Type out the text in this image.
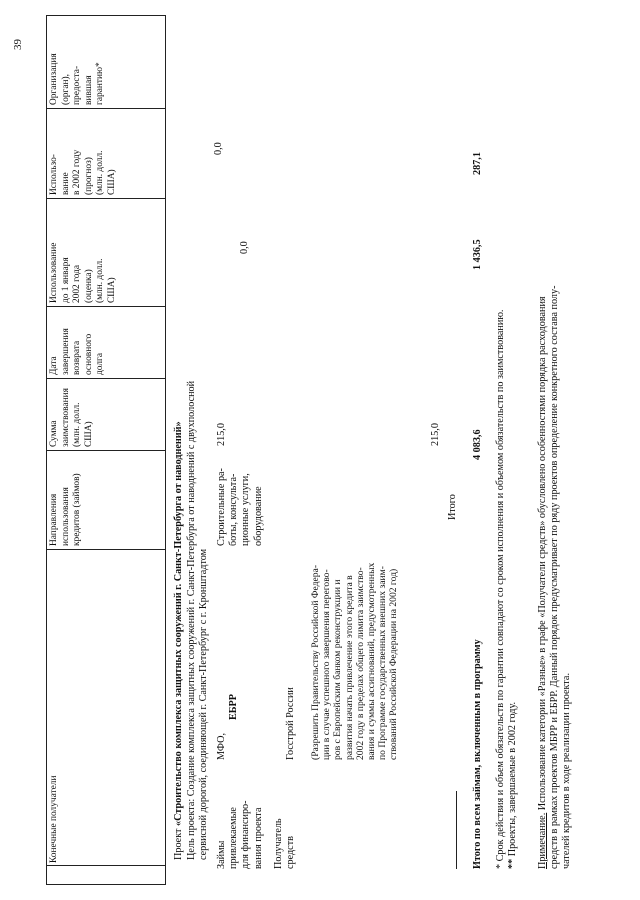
39
Конечные получатели
Направления использования кредитов (займов)
Сумма заимствования (млн. долл. США)
Дата завершения возврата основного долга
Использование до 1 января 2002 года (оценка) (млн. долл. США)
Использо- вание в 2002 году (прогноз) (млн. долл. США)
Организация (орган), предоста- вившая гарантию*
Проект «Строительство комплекса защитных сооружений г. Санкт-Петербурга от наводнений» Цель проекта: Создание комплекса защитных сооружений г. Санкт-Петербурга от наводнений с двухполосной сервисной дорогой, соединяющей г. Санкт-Петербург с г. Кронштадтом Займы привлекаемые для финансиро- вания проекта
МФО,
ЕБРР
Строительные ра- боты, консульта- ционные услуги, оборудование
215,0
0,0
0,0
Получатель средств
Госстрой России (Разрешить Правительству Российской Федера- ции в случае успешного завершения перегово- ров с Европейским банком реконструкции и развития начать привлечение этого кредита в 2002 году в пределах общего лимита заимство- вания и суммы ассигнований, предусмотренных по Программе государственных внешних заим- ствований Российской Федерации на 2002 год)
Итого
215,0
Итого по всем займам, включенным в программу
4 083,6
1 436,5
287,1
* Срок действия и объем обязательств по гарантии совпадают со сроком исполнения и объемом обязательств по заимствованию. ** Проекты, завершаемые в 2002 году. Примечание. Использование категории «Разные» в графе «Получатели средств» обусловлено особенностями порядка расходования средств в рамках проектов МБРР и ЕБРР. Данный порядок предусматривает по ряду проектов определение конкретного состава полу- чателей кредитов в ходе реализации проекта.
